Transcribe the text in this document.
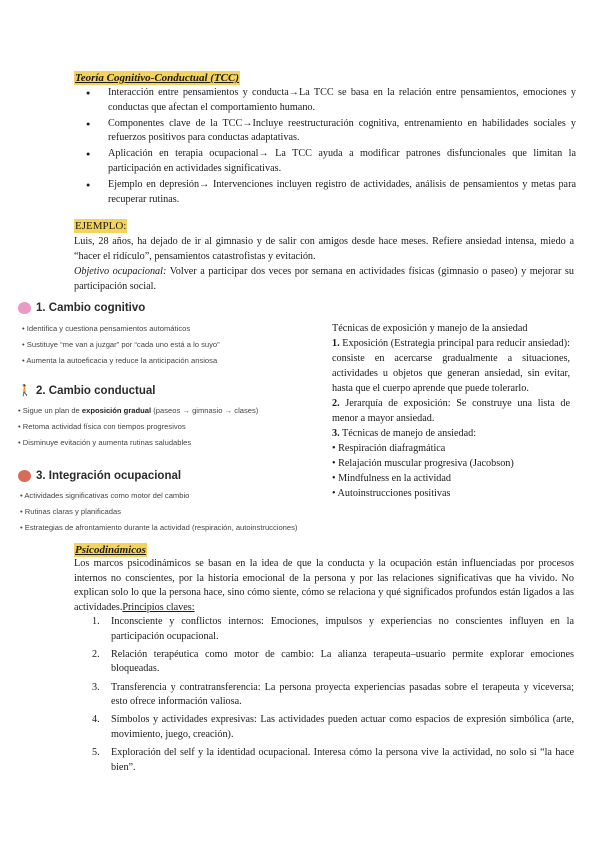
Teoría Cognitivo-Conductual (TCC)
● Interacción entre pensamientos y conducta→La TCC se basa en la relación entre pensamientos, emociones y conductas que afectan el comportamiento humano.
● Componentes clave de la TCC→Incluye reestructuración cognitiva, entrenamiento en habilidades sociales y refuerzos positivos para conductas adaptativas.
● Aplicación en terapia ocupacional→ La TCC ayuda a modificar patrones disfuncionales que limitan la participación en actividades significativas.
● Ejemplo en depresión→ Intervenciones incluyen registro de actividades, análisis de pensamientos y metas para recuperar rutinas.
EJEMPLO:
Luis, 28 años, ha dejado de ir al gimnasio y de salir con amigos desde hace meses. Refiere ansiedad intensa, miedo a “hacer el ridículo”, pensamientos catastrofistas y evitación.
Objetivo ocupacional: Volver a participar dos veces por semana en actividades físicas (gimnasio o paseo) y mejorar su participación social.
1. Cambio cognitivo
• Identifica y cuestiona pensamientos automáticos
• Sustituye “me van a juzgar” por “cada uno está a lo suyo”
• Aumenta la autoeficacia y reduce la anticipación ansiosa
🚶 2. Cambio conductual
• Sigue un plan de exposición gradual (paseos → gimnasio → clases)
• Retoma actividad física con tiempos progresivos
• Disminuye evitación y aumenta rutinas saludables
3. Integración ocupacional
• Actividades significativas como motor del cambio
• Rutinas claras y planificadas
• Estrategias de afrontamiento durante la actividad (respiración, autoinstrucciones)

Técnicas de exposición y manejo de la ansiedad

1. Exposición (Estrategia principal para reducir ansiedad): consiste en acercarse gradualmente a situaciones, actividades u objetos que generan ansiedad, sin evitar, hasta que el cuerpo aprende que puede tolerarlo.

2. Jerarquía de exposición: Se construye una lista de menor a mayor ansiedad.

3. Técnicas de manejo de ansiedad:

• Respiración diafragmática
• Relajación muscular progresiva (Jacobson)
• Mindfulness en la actividad
• Autoinstrucciones positivas
Psicodinámicos
Los marcos psicodinámicos se basan en la idea de que la conducta y la ocupación están influenciadas por procesos internos no conscientes, por la historia emocional de la persona y por las relaciones significativas que ha vivido. No explican solo lo que la persona hace, sino cómo siente, cómo se relaciona y qué significados profundos están ligados a las actividades.Principios claves:
1. Inconsciente y conflictos internos: Emociones, impulsos y experiencias no conscientes influyen en la participación ocupacional.
2. Relación terapéutica como motor de cambio: La alianza terapeuta–usuario permite explorar emociones bloqueadas.
3. Transferencia y contratransferencia: La persona proyecta experiencias pasadas sobre el terapeuta y viceversa; esto ofrece información valiosa.
4. Símbolos y actividades expresivas: Las actividades pueden actuar como espacios de expresión simbólica (arte, movimiento, juego, creación).
5. Exploración del self y la identidad ocupacional. Interesa cómo la persona vive la actividad, no solo si “la hace bien”.
